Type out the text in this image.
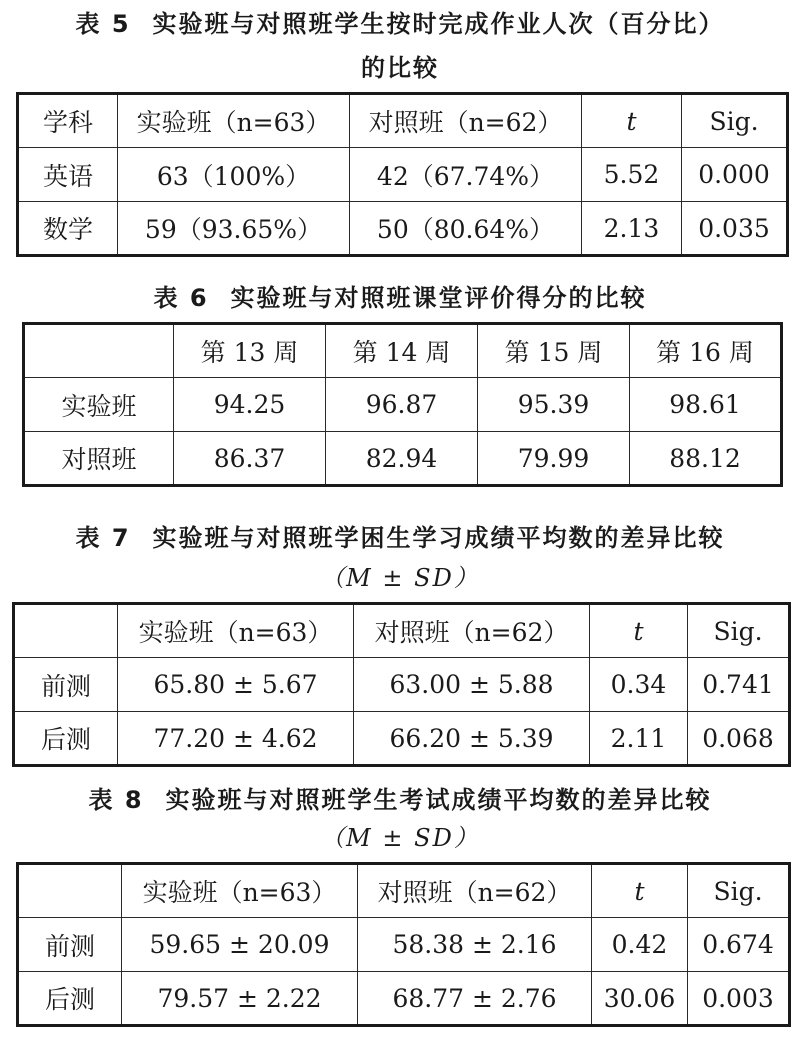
表 5 实验班与对照班学生按时完成作业人次（百分比）
的比较
学科	实验班（n=63）	对照班（n=62）	t	Sig.
英语	63（100%）	42（67.74%）	5.52	0.000
数学	59（93.65%）	50（80.64%）	2.13	0.035
表 6 实验班与对照班课堂评价得分的比较
	第 13 周	第 14 周	第 15 周	第 16 周
实验班	94.25	96.87	95.39	98.61
对照班	86.37	82.94	79.99	88.12
表 7 实验班与对照班学困生学习成绩平均数的差异比较
（M ± SD）
	实验班（n=63）	对照班（n=62）	t	Sig.
前测	65.80 ± 5.67	63.00 ± 5.88	0.34	0.741
后测	77.20 ± 4.62	66.20 ± 5.39	2.11	0.068
表 8 实验班与对照班学生考试成绩平均数的差异比较
（M ± SD）
	实验班（n=63）	对照班（n=62）	t	Sig.
前测	59.65 ± 20.09	58.38 ± 2.16	0.42	0.674
后测	79.57 ± 2.22	68.77 ± 2.76	30.06	0.003
